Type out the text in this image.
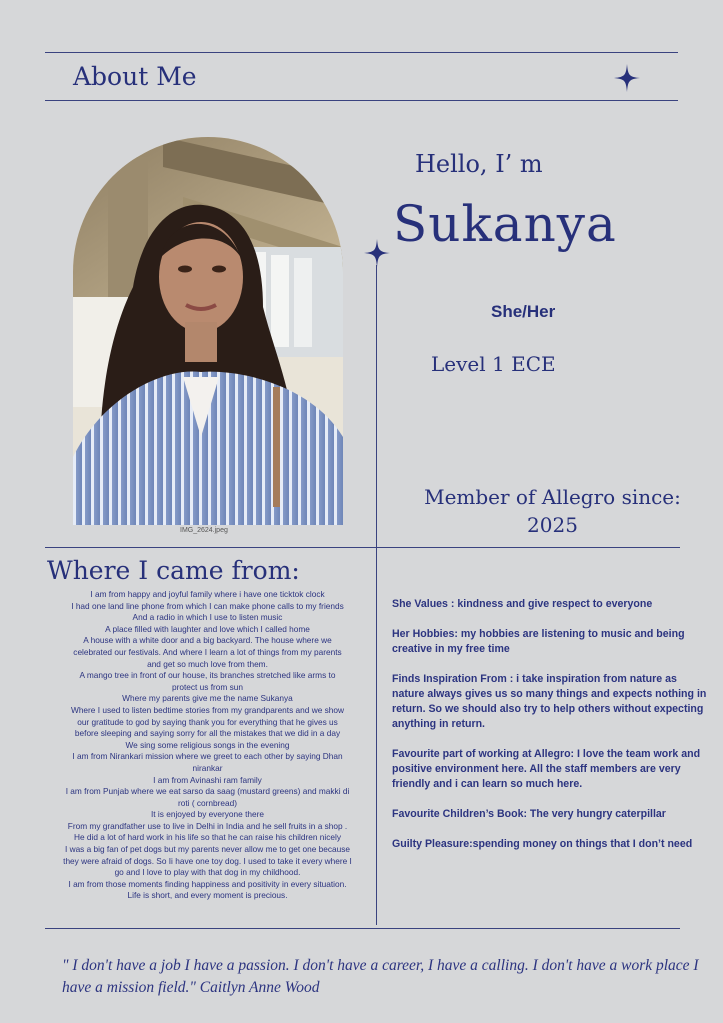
About Me
IMG_2624.jpeg
Hello, I’ m
Sukanya
She/Her
Level 1 ECE
Member of Allegro since:
2025
Where I came from:
I am from happy and joyful family where i have one ticktok clock
I had one land line phone from which I can make phone calls to my friends
And a radio in which I use to listen music
A place filled with laughter and love which I called home
A house with a white door and a big backyard. The house where we
celebrated our festivals. And where I learn a lot of things from my parents
and get so much love from them.
A mango tree in front of our house, its branches stretched like arms to
protect us from sun
Where my parents give me the name Sukanya
Where I used to listen bedtime stories from my grandparents and we show
our gratitude to god by saying thank you for everything that he gives us
before sleeping and saying sorry for all the mistakes that we did in a day
We sing some religious songs in the evening
I am from Nirankari mission where we greet to each other by saying Dhan
nirankar
I am from Avinashi ram family
I am from Punjab where we eat sarso da saag (mustard greens) and makki di
roti ( cornbread)
It is enjoyed by everyone there
From my grandfather use to live in Delhi in India and he sell fruits in a shop .
He did a lot of hard work in his life so that he can raise his children nicely
I was a big fan of pet dogs but my parents never allow me to get one because
they were afraid of dogs. So Ii have one toy dog. I used to take it every where I
go and I love to play with that dog in my childhood.
I am from those moments finding happiness and positivity in every situation.
Life is short, and every moment is precious.

She Values : kindness and give respect to everyone

Her Hobbies: my hobbies are listening to music and being creative in my free time

Finds Inspiration From : i take inspiration from nature as nature always gives us so many things and expects nothing in return. So we should also try to help others without expecting anything in return.

Favourite part of working at Allegro: I love the team work and positive environment here. All the staff members are very friendly and i can learn so much here.

Favourite Children’s Book: The very hungry caterpillar

Guilty Pleasure:spending money on things that I don’t need

" I don't have a job I have a passion. I don't have a career, I have a calling. I don't have a work place I have a mission field." Caitlyn Anne Wood
